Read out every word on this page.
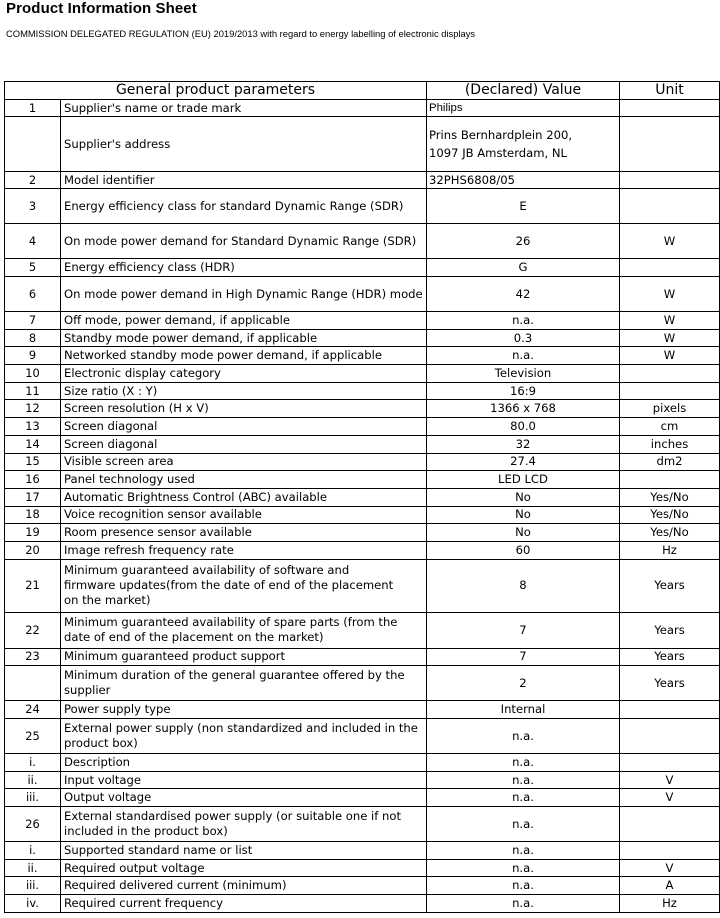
Product Information Sheet
COMMISSION DELEGATED REGULATION (EU) 2019/2013 with regard to energy labelling of electronic displays
General product parameters		(Declared) Value	Unit
1	Supplier's name or trade mark	Philips	
	Supplier's address	Prins Bernhardplein 200,
1097 JB Amsterdam, NL	

2	Model identifier	32PHS6808/05	
3	Energy efficiency class for standard Dynamic Range (SDR)	E	
4	On mode power demand for Standard Dynamic Range (SDR)	26	W
5	Energy efficiency class (HDR)	G	
6	On mode power demand in High Dynamic Range (HDR) mode	42	W
7	Off mode, power demand, if applicable	n.a.	W
8	Standby mode power demand, if applicable	0.3	W
9	Networked standby mode power demand, if applicable	n.a.	W
10	Electronic display category	Television	
11	Size ratio (X : Y)	16:9	
12	Screen resolution (H x V)	1366 x 768	pixels
13	Screen diagonal	80.0	cm
14	Screen diagonal	32	inches
15	Visible screen area	27.4	dm2
16	Panel technology used	LED LCD	
17	Automatic Brightness Control (ABC) available	No	Yes/No
18	Voice recognition sensor available	No	Yes/No
19	Room presence sensor available	No	Yes/No
20	Image refresh frequency rate	60	Hz
21	Minimum guaranteed availability of software and
firmware updates(from the date of end of the placement
on the market)	8	Years
22	Minimum guaranteed availability of spare parts (from the date of end of the placement on the market)	7	Years
23	Minimum guaranteed product support	7	Years
	Minimum duration of the general guarantee offered by the supplier	2	Years
24	Power supply type	Internal	
25	External power supply (non standardized and included in the product box)	n.a.	
i.	Description	n.a.	
ii.	Input voltage	n.a.	V
iii.	Output voltage	n.a.	V
26	External standardised power supply (or suitable one if not included in the product box)	n.a.	
i.	Supported standard name or list	n.a.	
ii.	Required output voltage	n.a.	V
iii.	Required delivered current (minimum)	n.a.	A
iv.	Required current frequency	n.a.	Hz
